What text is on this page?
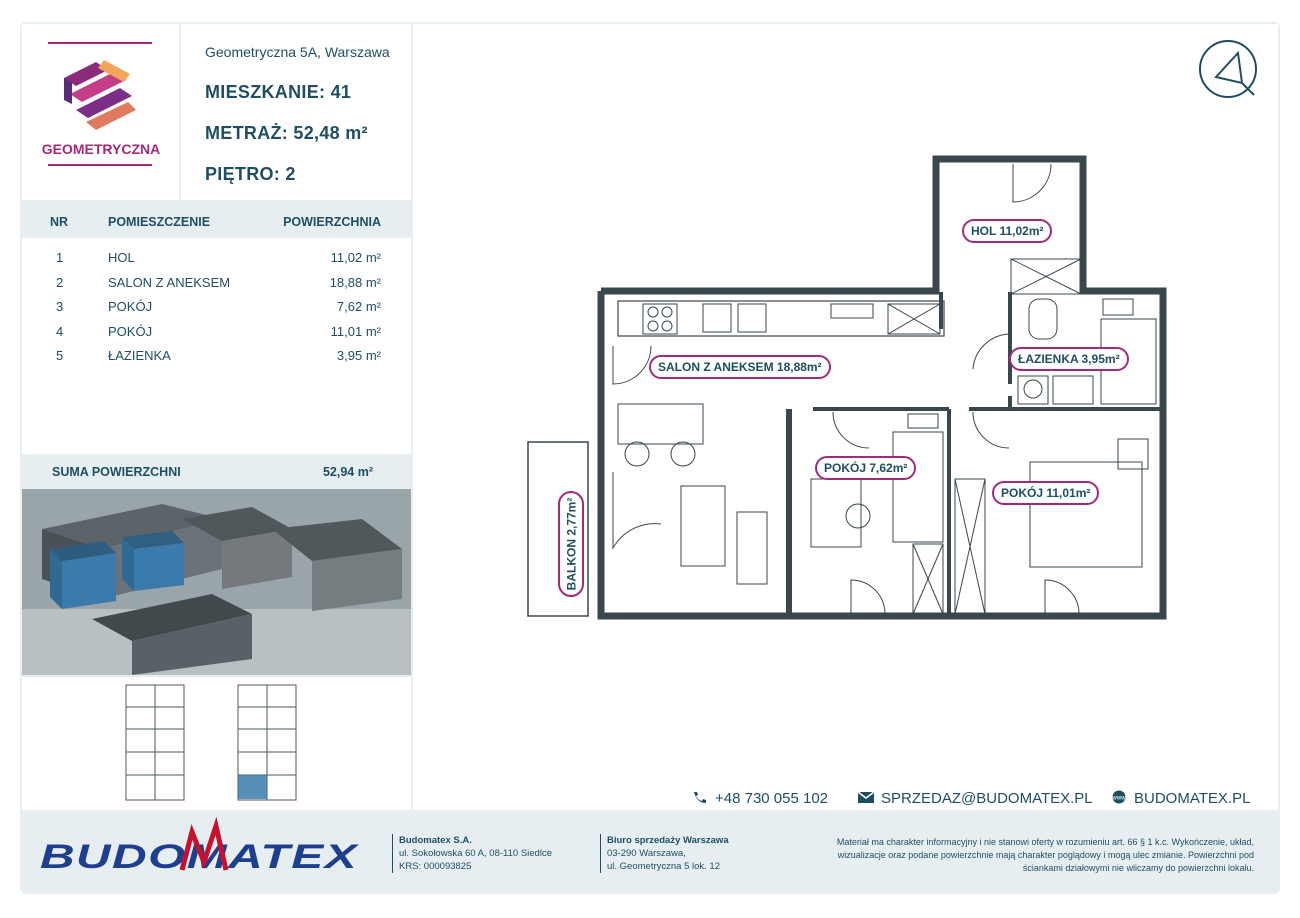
GEOMETRYCZNA
Geometryczna 5A, Warszawa
MIESZKANIE: 41
METRAŻ: 52,48 m²
PIĘTRO: 2
NR	POMIESZCZENIE	POWIERZCHNIA
1	HOL	11,02 m²
2	SALON Z ANEKSEM	18,88 m²
3	POKÓJ	7,62 m²
4	POKÓJ	11,01 m²
5	ŁAZIENKA	3,95 m²
SUMA POWIERZCHNI	52,94 m²
BALKON 2,77m²
HOL 11,02m²
SALON Z ANEKSEM 18,88m²
ŁAZIENKA 3,95m²
POKÓJ 7,62m²
POKÓJ 11,01m²
+48 730 055 102	SPRZEDAZ@BUDOMATEX.PL	www BUDOMATEX.PL
BUDOMATEX	Budomatex S.A.
ul. Sokołowska 60 A, 08-110 Siedlce
KRS: 000093825
Biuro sprzedaży Warszawa
03-290 Warszawa,
ul. Geometryczna 5 lok. 12
Materiał ma charakter informacyjny i nie stanowi oferty w rozumieniu art. 66 § 1 k.c. Wykończenie, układ,
wizualizacje oraz podane powierzchnie mają charakter poglądowy i mogą ulec zmianie. Powierzchni pod
ściankami działowymi nie wliczamy do powierzchni lokalu.
